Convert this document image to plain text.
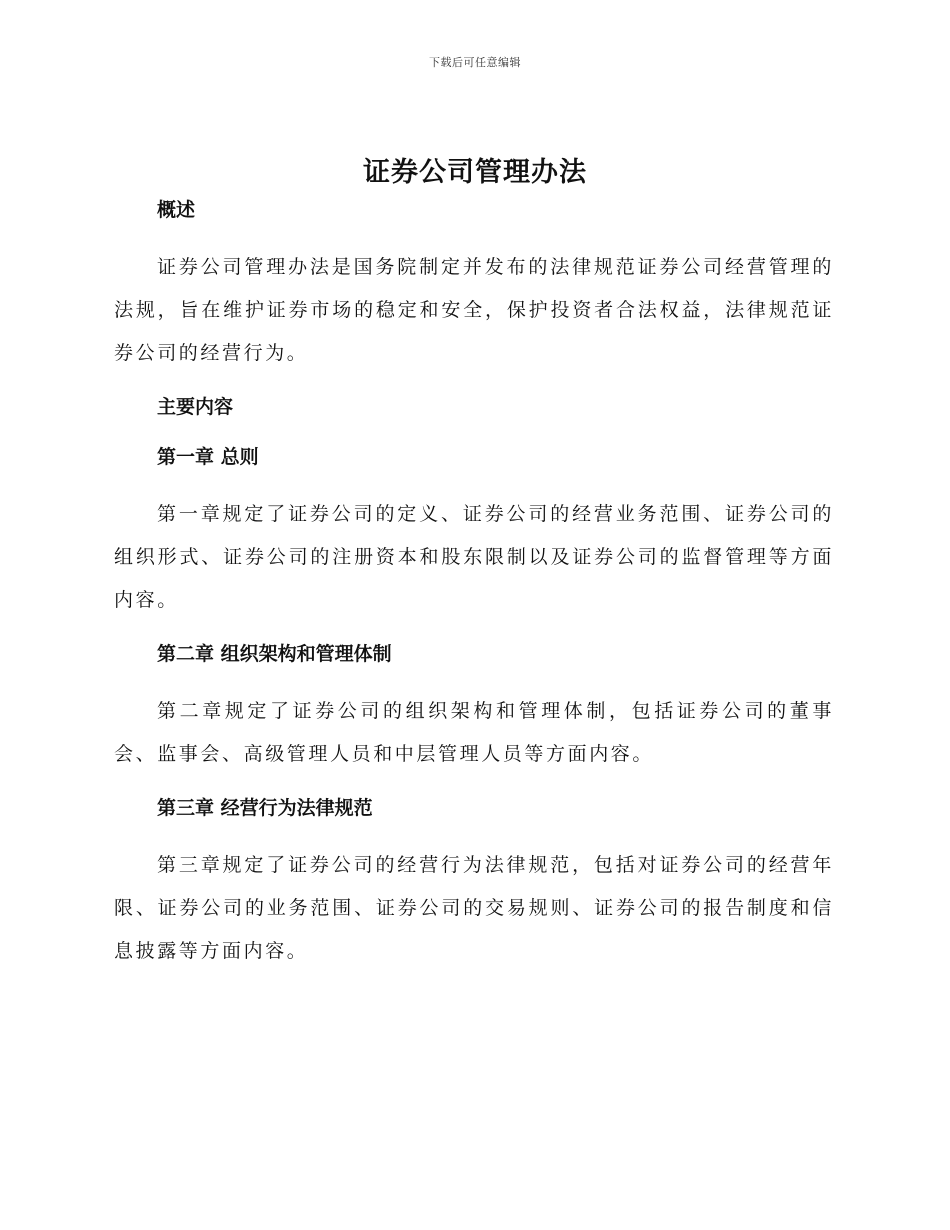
下载后可任意编辑
证券公司管理办法

概述

证券公司管理办法是国务院制定并发布的法律规范证券公司经营管理的法规，旨在维护证券市场的稳定和安全，保护投资者合法权益，法律规范证券公司的经营行为。

主要内容

第一章 总则

第一章规定了证券公司的定义、证券公司的经营业务范围、证券公司的组织形式、证券公司的注册资本和股东限制以及证券公司的监督管理等方面内容。

第二章 组织架构和管理体制

第二章规定了证券公司的组织架构和管理体制，包括证券公司的董事会、监事会、高级管理人员和中层管理人员等方面内容。

第三章 经营行为法律规范

第三章规定了证券公司的经营行为法律规范，包括对证券公司的经营年限、证券公司的业务范围、证券公司的交易规则、证券公司的报告制度和信息披露等方面内容。
